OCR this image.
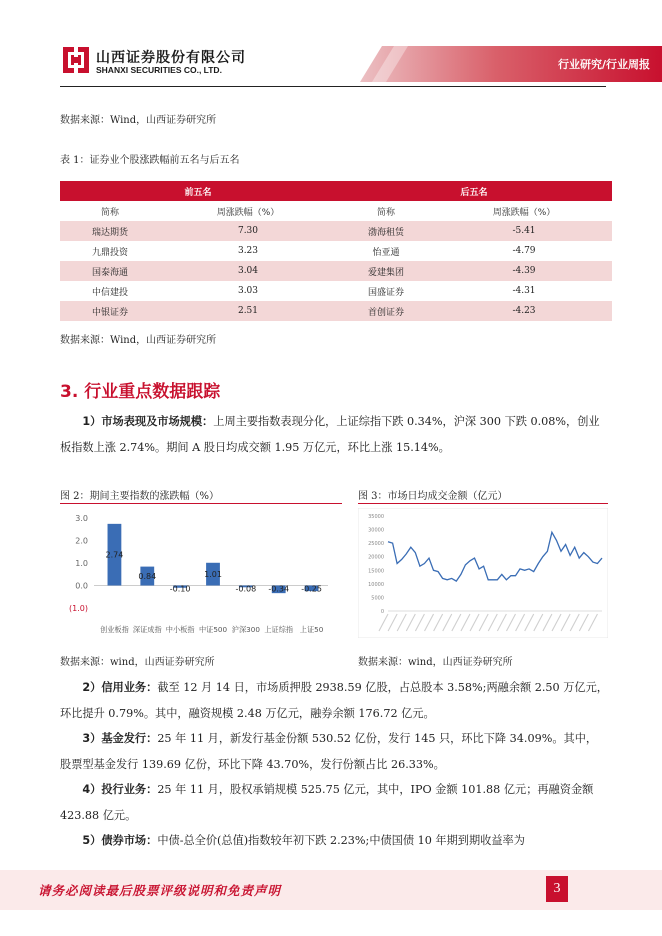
山西证券股份有限公司
SHANXI SECURITIES CO., LTD.	行业研究/行业周报
数据来源：Wind，山西证券研究所
表 1：证券业个股涨跌幅前五名与后五名
前五名		后五名	
简称	周涨跌幅（%）	简称	周涨跌幅（%）
瑞达期货	7.30	渤海租赁	-5.41
九鼎投资	3.23	怡亚通	-4.79
国泰海通	3.04	爱建集团	-4.39
中信建投	3.03	国盛证券	-4.31
中银证券	2.51	首创证券	-4.23
数据来源：Wind，山西证券研究所
3. 行业重点数据跟踪
1）市场表现及市场规模：上周主要指数表现分化，上证综指下跌 0.34%，沪深 300 下跌 0.08%，创业板指数上涨 2.74%。期间 A 股日均成交额 1.95 万亿元，环比上涨 15.14%。
图 2：期间主要指数的涨跌幅（%）
3.0
2.0
1.0
0.0
(1.0)
2.74
创业板指
0.84
深证成指
-0.10
中小板指
1.01
中证500
-0.08
沪深300
-0.34
上证综指
-0.25
上证50
数据来源：wind，山西证券研究所
图 3：市场日均成交金额（亿元）
35000
30000
25000
20000
15000
10000
5000
0
数据来源：wind，山西证券研究所
2）信用业务：截至 12 月 14 日，市场质押股 2938.59 亿股，占总股本 3.58%;两融余额 2.50 万亿元，环比提升 0.79%。其中，融资规模 2.48 万亿元，融券余额 176.72 亿元。
3）基金发行：25 年 11 月，新发行基金份额 530.52 亿份，发行 145 只，环比下降 34.09%。其中，股票型基金发行 139.69 亿份，环比下降 43.70%，发行份额占比 26.33%。
4）投行业务：25 年 11 月，股权承销规模 525.75 亿元，其中，IPO 金额 101.88 亿元；再融资金额 423.88 亿元。
5）债券市场：中债-总全价(总值)指数较年初下跌 2.23%;中债国债 10 年期到期收益率为
请务必阅读最后股票评级说明和免责声明	3
